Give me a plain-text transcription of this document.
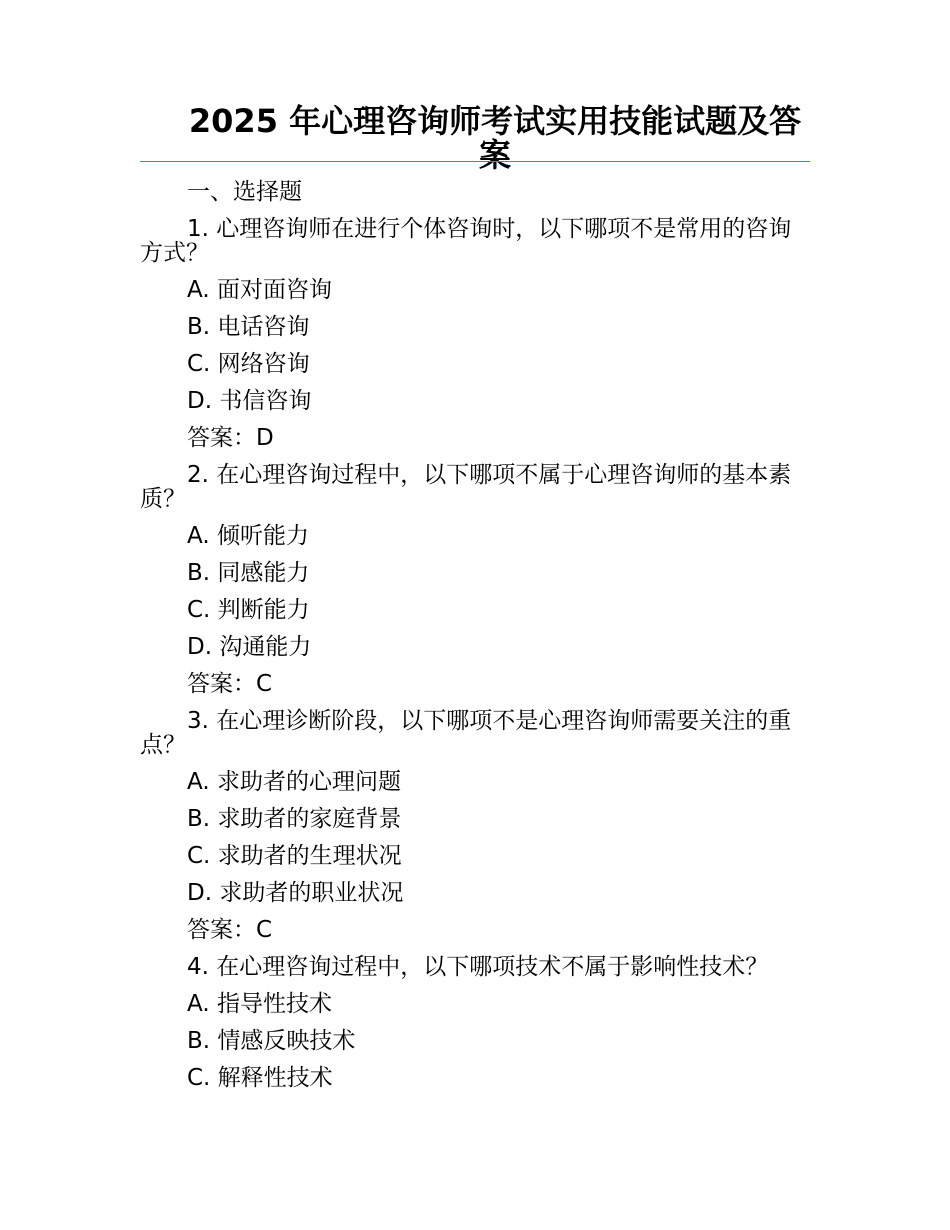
2025 年心理咨询师考试实用技能试题及答案
一、选择题
1. 心理咨询师在进行个体咨询时，以下哪项不是常用的咨询方式？
A. 面对面咨询
B. 电话咨询
C. 网络咨询
D. 书信咨询
答案：D
2. 在心理咨询过程中，以下哪项不属于心理咨询师的基本素质？
A. 倾听能力
B. 同感能力
C. 判断能力
D. 沟通能力
答案：C
3. 在心理诊断阶段，以下哪项不是心理咨询师需要关注的重点？
A. 求助者的心理问题
B. 求助者的家庭背景
C. 求助者的生理状况
D. 求助者的职业状况
答案：C
4. 在心理咨询过程中，以下哪项技术不属于影响性技术？
A. 指导性技术
B. 情感反映技术
C. 解释性技术
